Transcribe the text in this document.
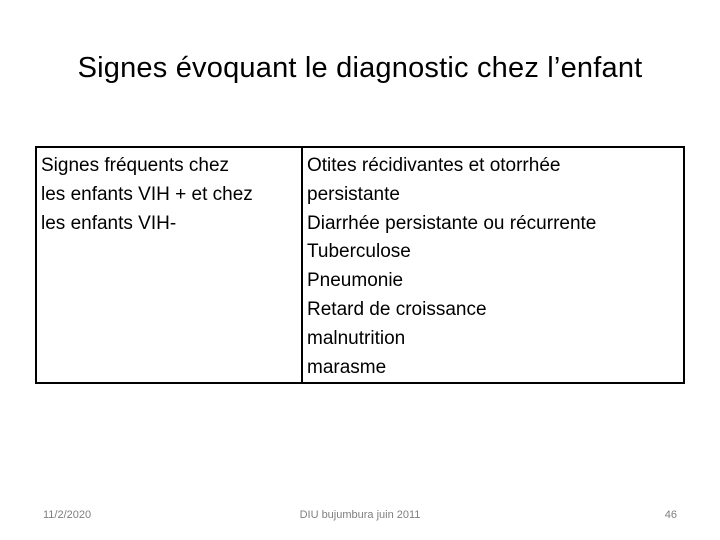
Signes évoquant le diagnostic chez l’enfant
Signes fréquents chez
les enfants VIH + et chez
les enfants VIH-

Otites récidivantes et otorrhée
persistante
Diarrhée persistante ou récurrente
Tuberculose
Pneumonie
Retard de croissance
malnutrition
marasme
11/2/2020	DIU bujumbura juin 2011	46
